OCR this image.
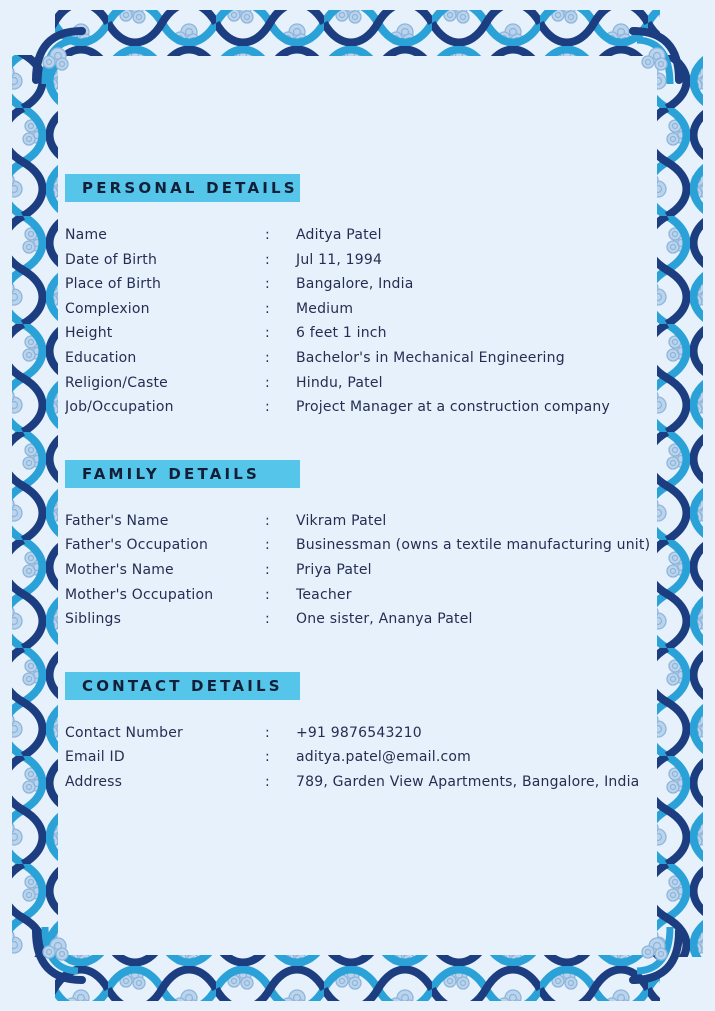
PERSONAL DETAILS
Name	:	Aditya Patel
Date of Birth	:	Jul 11, 1994
Place of Birth	:	Bangalore, India
Complexion	:	Medium
Height	:	6 feet 1 inch
Education	:	Bachelor's in Mechanical Engineering
Religion/Caste	:	Hindu, Patel
Job/Occupation	:	Project Manager at a construction company
FAMILY DETAILS
Father's Name	:	Vikram Patel
Father's Occupation	:	Businessman (owns a textile manufacturing unit)
Mother's Name	:	Priya Patel
Mother's Occupation	:	Teacher
Siblings	:	One sister, Ananya Patel
CONTACT DETAILS
Contact Number	:	+91 9876543210
Email ID	:	aditya.patel@email.com
Address	:	789, Garden View Apartments, Bangalore, India
